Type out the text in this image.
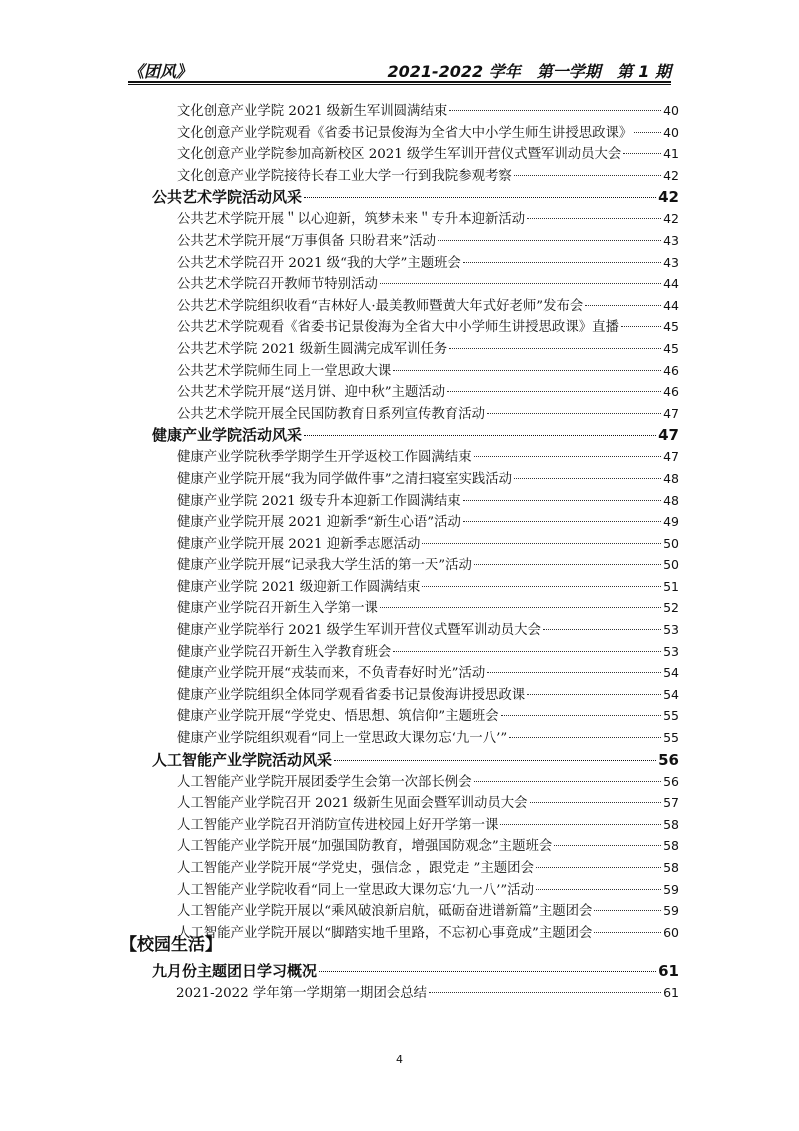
《团风》	2021-2022 学年　第一学期　第 1 期
文化创意产业学院 2021 级新生军训圆满结束	40
文化创意产业学院观看《省委书记景俊海为全省大中小学生师生讲授思政课》 40
文化创意产业学院参加高新校区 2021 级学生军训开营仪式暨军训动员大会	41
文化创意产业学院接待长春工业大学一行到我院参观考察	42
公共艺术学院活动风采	42
公共艺术学院开展＂以心迎新，筑梦未来＂专升本迎新活动	42
公共艺术学院开展“万事俱备 只盼君来”活动	43
公共艺术学院召开 2021 级“我的大学”主题班会	43
公共艺术学院召开教师节特别活动	44
公共艺术学院组织收看“吉林好人·最美教师暨黄大年式好老师”发布会	44
公共艺术学院观看《省委书记景俊海为全省大中小学师生讲授思政课》直播	45
公共艺术学院 2021 级新生圆满完成军训任务	45
公共艺术学院师生同上一堂思政大课	46
公共艺术学院开展“送月饼、迎中秋”主题活动	46
公共艺术学院开展全民国防教育日系列宣传教育活动	47
健康产业学院活动风采	47
健康产业学院秋季学期学生开学返校工作圆满结束	47
健康产业学院开展“我为同学做件事”之清扫寝室实践活动	48
健康产业学院 2021 级专升本迎新工作圆满结束	48
健康产业学院开展 2021 迎新季“新生心语”活动	49
健康产业学院开展 2021 迎新季志愿活动	50
健康产业学院开展“记录我大学生活的第一天”活动	50
健康产业学院 2021 级迎新工作圆满结束	51
健康产业学院召开新生入学第一课	52
健康产业学院举行 2021 级学生军训开营仪式暨军训动员大会	53
健康产业学院召开新生入学教育班会	53
健康产业学院开展“戎装而来，不负青春好时光”活动	54
健康产业学院组织全体同学观看省委书记景俊海讲授思政课	54
健康产业学院开展“学党史、悟思想、筑信仰”主题班会	55
健康产业学院组织观看“同上一堂思政大课勿忘‘九一八’”	55
人工智能产业学院活动风采	56
人工智能产业学院开展团委学生会第一次部长例会	56
人工智能产业学院召开 2021 级新生见面会暨军训动员大会	57
人工智能产业学院召开消防宣传进校园上好开学第一课	58
人工智能产业学院开展“加强国防教育，增强国防观念”主题班会	58
人工智能产业学院开展“学党史，强信念 ，跟党走 ”主题团会	58
人工智能产业学院收看“同上一堂思政大课勿忘‘九一八’”活动	59
人工智能产业学院开展以“乘风破浪新启航，砥砺奋进谱新篇”主题团会	59
人工智能产业学院开展以“脚踏实地千里路，不忘初心事竟成”主题团会	60
【校园生活】
九月份主题团日学习概况	61
2021-2022 学年第一学期第一期团会总结	61
4
